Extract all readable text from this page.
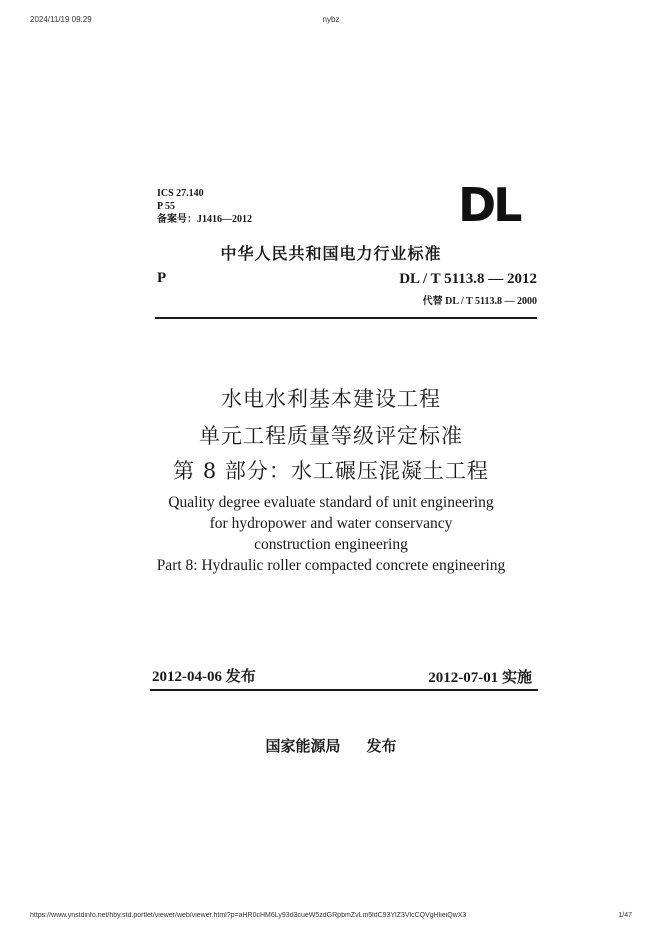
2024/11/19 09:29	nybz
ICS 27.140
P 55
备案号：J1416—2012	DL
中华人民共和国电力行业标准
P	DL / T 5113.8 — 2012
代替 DL / T 5113.8 — 2000
水电水利基本建设工程
单元工程质量等级评定标准
第 8 部分：水工碾压混凝土工程
Quality degree evaluate standard of unit engineering
for hydropower and water conservancy
construction engineering
Part 8: Hydraulic roller compacted concrete engineering
2012-04-06 发布	2012-07-01 实施
国家能源局     发布
https://www.ynstdinfo.net/hby.std.portlet/viewer/web/viewer.html?p=aHR0cHM6Ly93d3cueW5zdGRpbmZvLm5ldC93YlZ3VlcCQVgHlieiQwX3	1/47
